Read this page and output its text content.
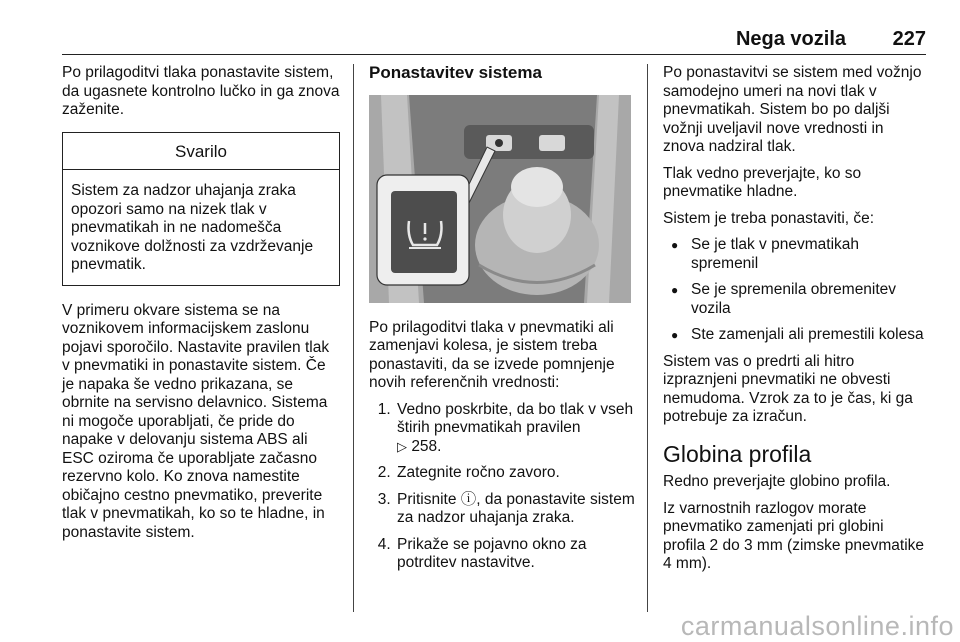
Nega vozila 227

Po prilagoditvi tlaka ponastavite sistem, da ugasnete kontrolno lučko in ga znova zaženite.

Svarilo
Sistem za nadzor uhajanja zraka opozori samo na nizek tlak v pnevmatikah in ne nadomešča voznikove dolžnosti za vzdrževanje pnevmatik.

V primeru okvare sistema se na voznikovem informacijskem zaslonu pojavi sporočilo. Nastavite pravilen tlak v pnevmatiki in ponastavite sistem. Če je napaka še vedno prikazana, se obrnite na servisno delavnico. Sistema ni mogoče uporabljati, če pride do napake v delovanju sistema ABS ali ESC oziroma če uporabljate začasno rezervno kolo. Ko znova namestite običajno cestno pnevmatiko, preverite tlak v pnevmatikah, ko so te hladne, in ponastavite sistem.

Ponastavitev sistema

Po prilagoditvi tlaka v pnevmatiki ali zamenjavi kolesa, je sistem treba ponastaviti, da se izvede pomnjenje novih referenčnih vrednosti:

1. Vedno poskrbite, da bo tlak v vseh štirih pnevmatikah pravilen
▷ 258.
2. Zategnite ročno zavoro.
3. Pritisnite ⓘ, da ponastavite sistem za nadzor uhajanja zraka.
4. Prikaže se pojavno okno za potrditev nastavitve.

Po ponastavitvi se sistem med vožnjo samodejno umeri na novi tlak v pnevmatikah. Sistem bo po daljši vožnji uveljavil nove vrednosti in znova nadziral tlak.

Tlak vedno preverjajte, ko so pnevmatike hladne.

Sistem je treba ponastaviti, če:

● Se je tlak v pnevmatikah spremenil
● Se je spremenila obremenitev vozila
● Ste zamenjali ali premestili kolesa

Sistem vas o predrti ali hitro izpraznjeni pnevmatiki ne obvesti nemudoma. Vzrok za to je čas, ki ga potrebuje za izračun.

Globina profila

Redno preverjajte globino profila.

Iz varnostnih razlogov morate pnevmatiko zamenjati pri globini profila 2 do 3 mm (zimske pnevmatike 4 mm).

carmanualsonline.info
